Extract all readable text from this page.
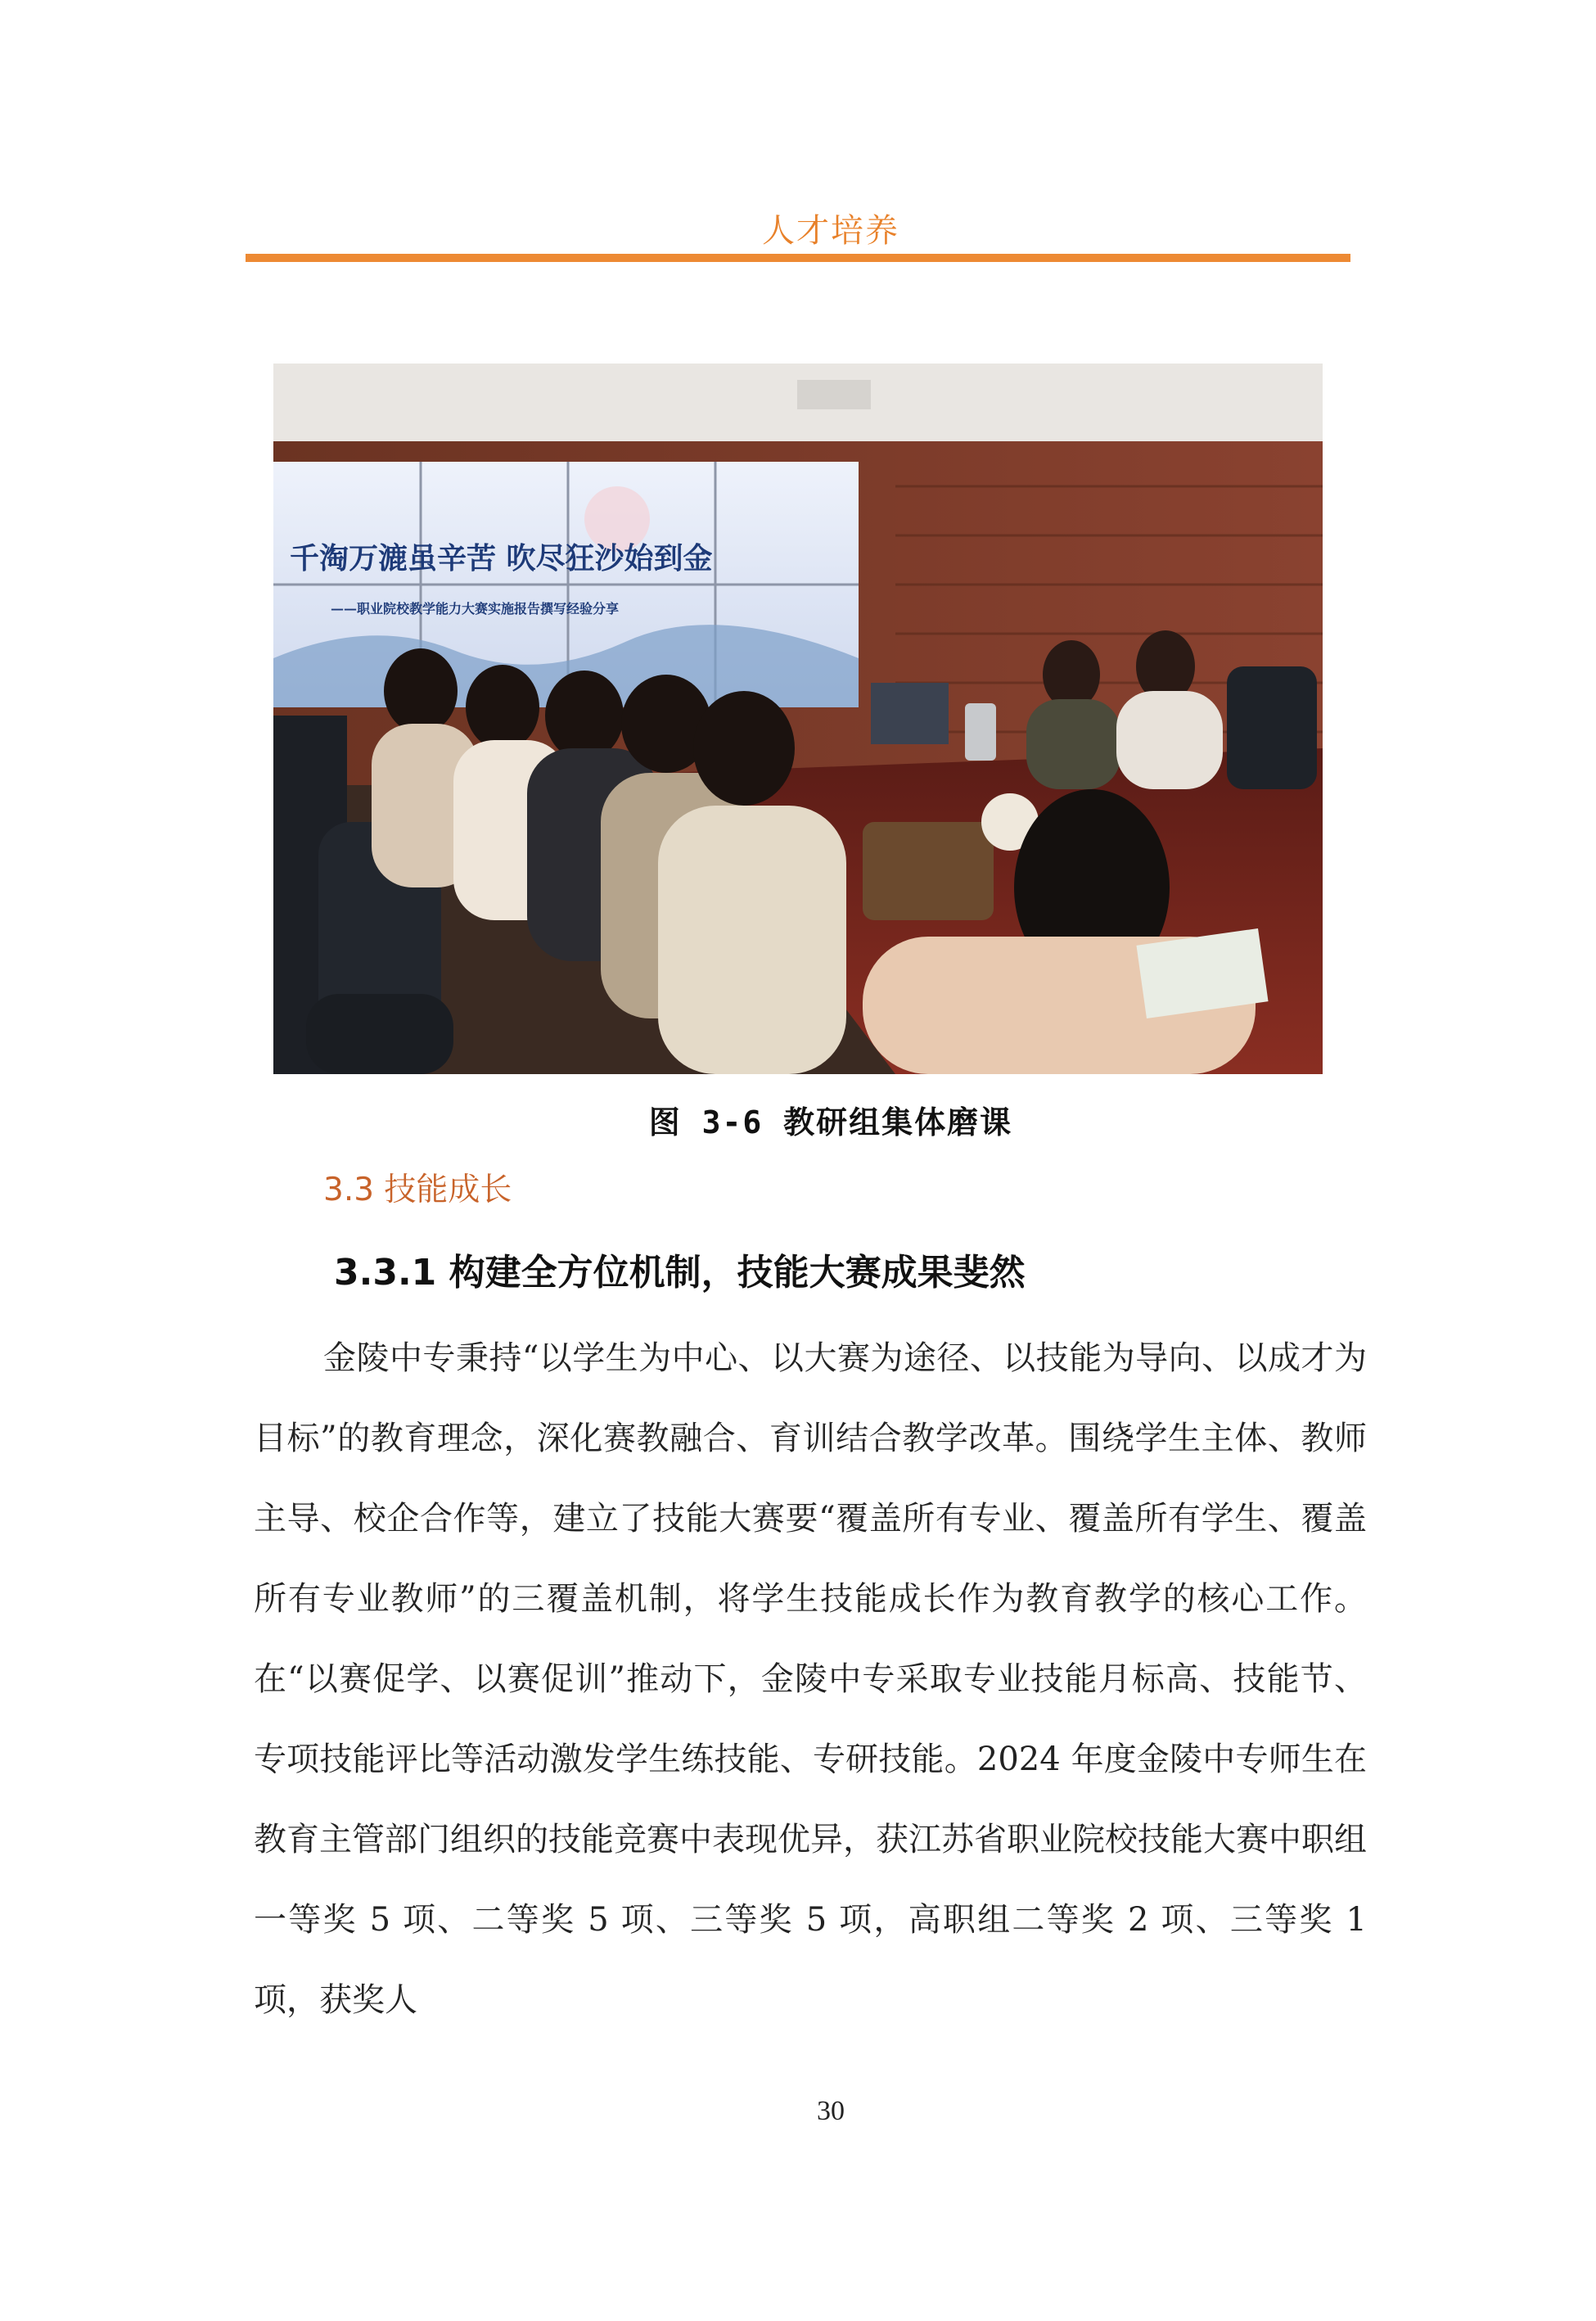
人才培养
千淘万漉虽辛苦 吹尽狂沙始到金
——职业院校教学能力大赛实施报告撰写经验分享
图 3-6 教研组集体磨课
3.3 技能成长
3.3.1 构建全方位机制，技能大赛成果斐然

金陵中专秉持“以学生为中心、以大赛为途径、以技能为导向、以成才为目标”的教育理念，深化赛教融合、育训结合教学改革。围绕学生主体、教师主导、校企合作等，建立了技能大赛要“覆盖所有专业、覆盖所有学生、覆盖所有专业教师”的三覆盖机制，将学生技能成长作为教育教学的核心工作。在“以赛促学、以赛促训”推动下，金陵中专采取专业技能月标高、技能节、专项技能评比等活动激发学生练技能、专研技能。2024 年度金陵中专师生在教育主管部门组织的技能竞赛中表现优异，获江苏省职业院校技能大赛中职组一等奖 5 项、二等奖 5 项、三等奖 5 项，高职组二等奖 2 项、三等奖 1 项，获奖人

30
